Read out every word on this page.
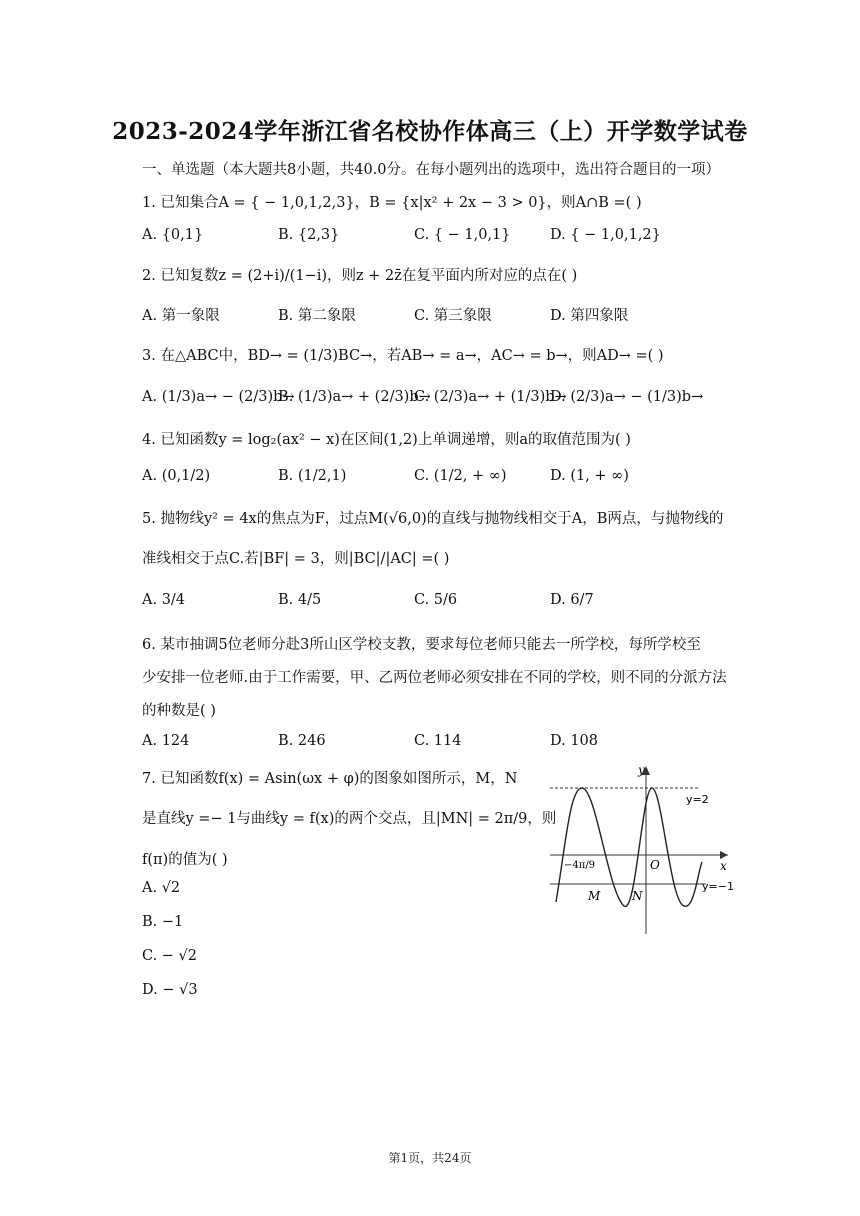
2023-2024学年浙江省名校协作体高三（上）开学数学试卷
一、单选题（本大题共8小题，共40.0分。在每小题列出的选项中，选出符合题目的一项）
1. 已知集合A = { − 1,0,1,2,3}，B = {x|x² + 2x − 3 > 0}，则A∩B =( )
A. {0,1}	B. {2,3}	C. { − 1,0,1}	D. { − 1,0,1,2}
2. 已知复数z = (2+i)/(1−i)，则z + 2z̄在复平面内所对应的点在( )
A. 第一象限	B. 第二象限	C. 第三象限	D. 第四象限
3. 在△ABC中，BD→ = (1/3)BC→，若AB→ = a→，AC→ = b→，则AD→ =( )
A. (1/3)a→ − (2/3)b→
B. (1/3)a→ + (2/3)b→
C. (2/3)a→ + (1/3)b→
D. (2/3)a→ − (1/3)b→
4. 已知函数y = log₂(ax² − x)在区间(1,2)上单调递增，则a的取值范围为( )
A. (0,1/2)	B. (1/2,1)	C. (1/2, + ∞)	D. (1, + ∞)
5. 抛物线y² = 4x的焦点为F，过点M(√6,0)的直线与抛物线相交于A，B两点，与抛物线的
准线相交于点C.若|BF| = 3，则|BC|/|AC| =( )
A. 3/4	B. 4/5	C. 5/6	D. 6/7
6. 某市抽调5位老师分赴3所山区学校支教，要求每位老师只能去一所学校，每所学校至
少安排一位老师.由于工作需要，甲、乙两位老师必须安排在不同的学校，则不同的分派方法
的种数是( )
A. 124	B. 246	C. 114	D. 108
7. 已知函数f(x) = Asin(ωx + φ)的图象如图所示，M，N
是直线y =− 1与曲线y = f(x)的两个交点，且|MN| = 2π/9，则
f(π)的值为( )
A. √2
B. −1
C. − √2
D. − √3
y
x
O
y=2
y=−1
−4π/9
M	N
第1页，共24页
